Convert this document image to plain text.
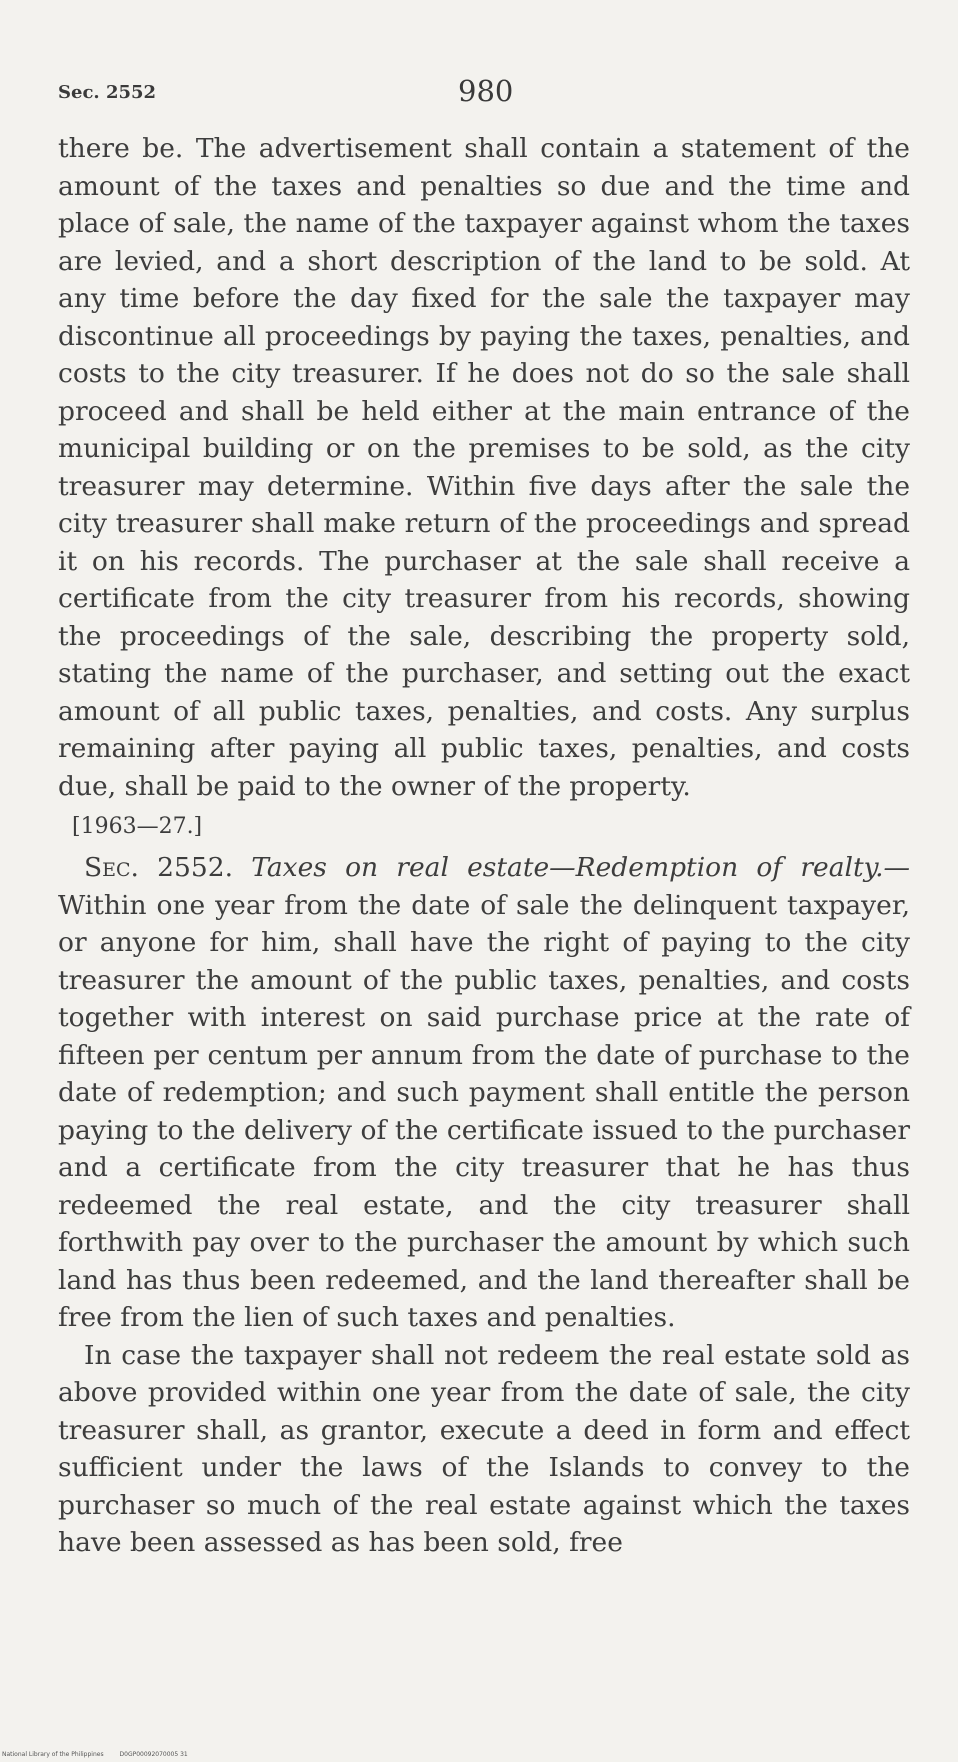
Sec. 2552	980

there be. The advertisement shall contain a statement of the amount of the taxes and penalties so due and the time and place of sale, the name of the taxpayer against whom the taxes are levied, and a short description of the land to be sold. At any time before the day fixed for the sale the taxpayer may discontinue all proceedings by paying the taxes, penalties, and costs to the city treasurer. If he does not do so the sale shall proceed and shall be held either at the main entrance of the municipal building or on the premises to be sold, as the city treasurer may determine. Within five days after the sale the city treasurer shall make return of the proceedings and spread it on his records. The purchaser at the sale shall receive a certificate from the city treasurer from his records, showing the proceedings of the sale, describing the property sold, stating the name of the purchaser, and setting out the exact amount of all public taxes, penalties, and costs. Any surplus remaining after paying all public taxes, penalties, and costs due, shall be paid to the owner of the property.

[1963—27.]

Sec. 2552. Taxes on real estate—Redemption of realty.— Within one year from the date of sale the delinquent taxpayer, or anyone for him, shall have the right of paying to the city treasurer the amount of the public taxes, penalties, and costs together with interest on said purchase price at the rate of fifteen per centum per annum from the date of purchase to the date of redemption; and such payment shall entitle the person paying to the delivery of the certificate issued to the purchaser and a certificate from the city treasurer that he has thus redeemed the real estate, and the city treasurer shall forthwith pay over to the purchaser the amount by which such land has thus been redeemed, and the land thereafter shall be free from the lien of such taxes and penalties.

In case the taxpayer shall not redeem the real estate sold as above provided within one year from the date of sale, the city treasurer shall, as grantor, execute a deed in form and effect sufficient under the laws of the Islands to convey to the purchaser so much of the real estate against which the taxes have been assessed as has been sold, free

National Library of the Philippines	D0GP00092070005 31
